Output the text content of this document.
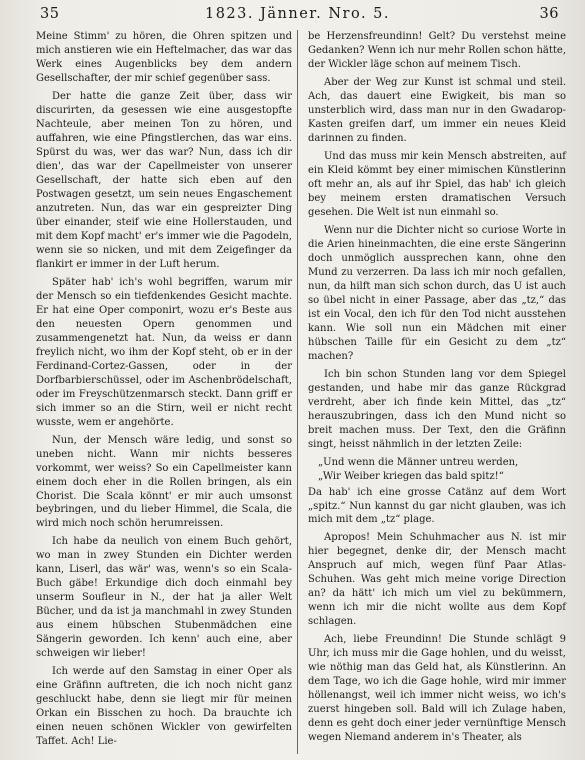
35	1823. Jänner. Nro. 5.	36

Meine Stimm' zu hören, die Ohren spitzen und mich anstieren wie ein Heftelmacher, das war das Werk eines Augenblicks bey dem andern Gesellschafter, der mir schief gegenüber sass.

Der hatte die ganze Zeit über, dass wir discurirten, da gesessen wie eine ausgestopfte Nachteule, aber meinen Ton zu hören, und auffahren, wie eine Pfingstlerchen, das war eins. Spürst du was, wer das war? Nun, dass ich dir dien', das war der Capellmeister von unserer Gesellschaft, der hatte sich eben auf den Postwagen gesetzt, um sein neues Engaschement anzutreten. Nun, das war ein gespreizter Ding über einander, steif wie eine Hollerstauden, und mit dem Kopf macht' er's immer wie die Pagodeln, wenn sie so nicken, und mit dem Zeigefinger da flankirt er immer in der Luft herum.

Später hab' ich's wohl begriffen, warum mir der Mensch so ein tiefdenkendes Gesicht machte. Er hat eine Oper componirt, wozu er's Beste aus den neuesten Opern genommen und zusammengenetzt hat. Nun, da weiss er dann freylich nicht, wo ihm der Kopf steht, ob er in der Ferdinand-Cortez-Gassen, oder in der Dorfbarbierschüssel, oder im Aschenbrödelschaft, oder im Freyschützenmarsch steckt. Dann griff er sich immer so an die Stirn, weil er nicht recht wusste, wem er angehörte.

Nun, der Mensch wäre ledig, und sonst so uneben nicht. Wann mir nichts besseres vorkommt, wer weiss? So ein Capellmeister kann einem doch eher in die Rollen bringen, als ein Chorist. Die Scala könnt' er mir auch umsonst beybringen, und du lieber Himmel, die Scala, die wird mich noch schön herumreissen.

Ich habe da neulich von einem Buch gehört, wo man in zwey Stunden ein Dichter werden kann, Liserl, das wär' was, wenn's so ein Scala-Buch gäbe! Erkundige dich doch einmahl bey unserm Soufleur in N., der hat ja aller Welt Bücher, und da ist ja manchmahl in zwey Stunden aus einem hübschen Stubenmädchen eine Sängerin geworden. Ich kenn' auch eine, aber schweigen wir lieber!

Ich werde auf den Samstag in einer Oper als eine Gräfinn auftreten, die ich noch nicht ganz geschluckt habe, denn sie liegt mir für meinen Orkan ein Bisschen zu hoch. Da brauchte ich einen neuen schönen Wickler von gewirfelten Taffet. Ach! Lie-

be Herzensfreundinn! Gelt? Du verstehst meine Gedanken? Wenn ich nur mehr Rollen schon hätte, der Wickler läge schon auf meinem Tisch.

Aber der Weg zur Kunst ist schmal und steil. Ach, das dauert eine Ewigkeit, bis man so unsterblich wird, dass man nur in den Gwadarop-Kasten greifen darf, um immer ein neues Kleid darinnen zu finden.

Und das muss mir kein Mensch abstreiten, auf ein Kleid kömmt bey einer mimischen Künstlerinn oft mehr an, als auf ihr Spiel, das hab' ich gleich bey meinem ersten dramatischen Versuch gesehen. Die Welt ist nun einmahl so.

Wenn nur die Dichter nicht so curiose Worte in die Arien hineinmachten, die eine erste Sängerinn doch unmöglich aussprechen kann, ohne den Mund zu verzerren. Da lass ich mir noch gefallen, nun, da hilft man sich schon durch, das U ist auch so übel nicht in einer Passage, aber das „tz,“ das ist ein Vocal, den ich für den Tod nicht ausstehen kann. Wie soll nun ein Mädchen mit einer hübschen Taille für ein Gesicht zu dem „tz“ machen?

Ich bin schon Stunden lang vor dem Spiegel gestanden, und habe mir das ganze Rückgrad verdreht, aber ich finde kein Mittel, das „tz“ herauszubringen, dass ich den Mund nicht so breit machen muss. Der Text, den die Gräfinn singt, heisst nähmlich in der letzten Zeile:

„Und wenn die Männer untreu werden,

„Wir Weiber kriegen das bald spitz!“

Da hab' ich eine grosse Catänz auf dem Wort „spitz.“ Nun kannst du gar nicht glauben, was ich mich mit dem „tz“ plage.

Apropos! Mein Schuhmacher aus N. ist mir hier begegnet, denke dir, der Mensch macht Anspruch auf mich, wegen fünf Paar Atlas-Schuhen. Was geht mich meine vorige Direction an? da hätt' ich mich um viel zu bekümmern, wenn ich mir die nicht wollte aus dem Kopf schlagen.

Ach, liebe Freundinn! Die Stunde schlägt 9 Uhr, ich muss mir die Gage hohlen, und du weisst, wie nöthig man das Geld hat, als Künstlerinn. An dem Tage, wo ich die Gage hohle, wird mir immer höllenangst, weil ich immer nicht weiss, wo ich's zuerst hingeben soll. Bald will ich Zulage haben, denn es geht doch einer jeder vernünftige Mensch wegen Niemand anderem in's Theater, als
